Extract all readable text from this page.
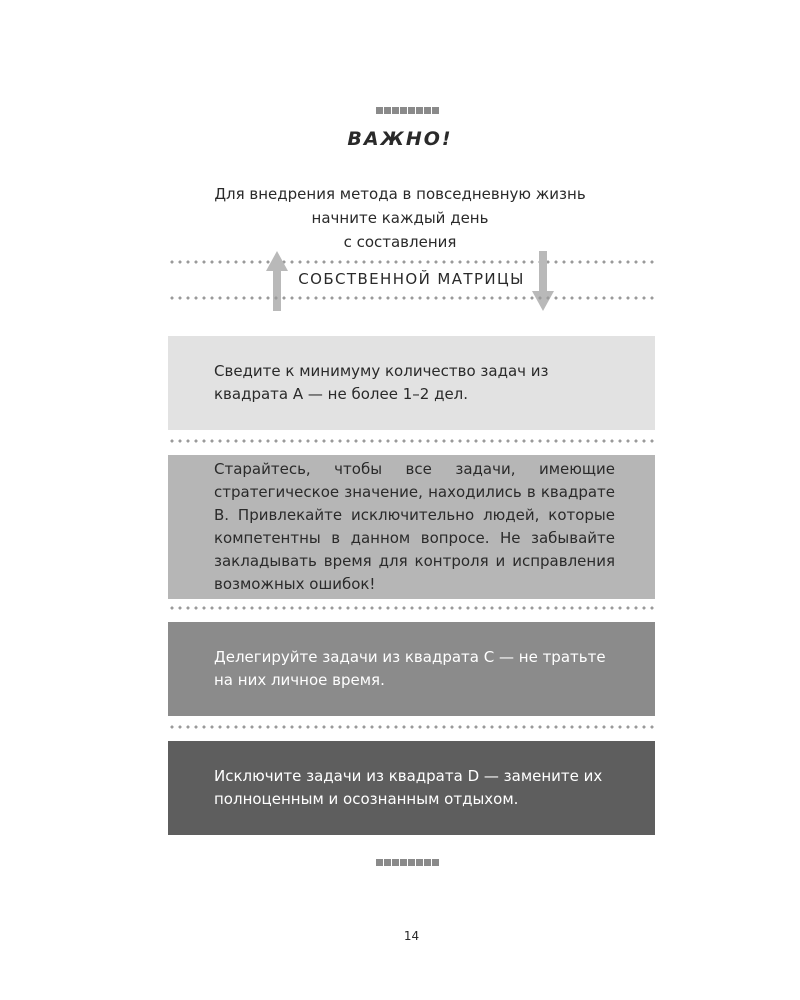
ВАЖНО!
Для внедрения метода в повседневную жизнь
начните каждый день
с составления
СОБСТВЕННОЙ МАТРИЦЫ

Сведите к минимуму количество задач из квадрата А — не более 1–2 дел.

Старайтесь, чтобы все задачи, имеющие стратегическое значение, находились в квадрате В. Привлекайте исключительно людей, которые компетентны в данном вопросе. Не забывайте закладывать время для контроля и исправления возможных ошибок!

Делегируйте задачи из квадрата С — не тратьте на них личное время.

Исключите задачи из квадрата D — замените их полноценным и осознанным отдыхом.

14
